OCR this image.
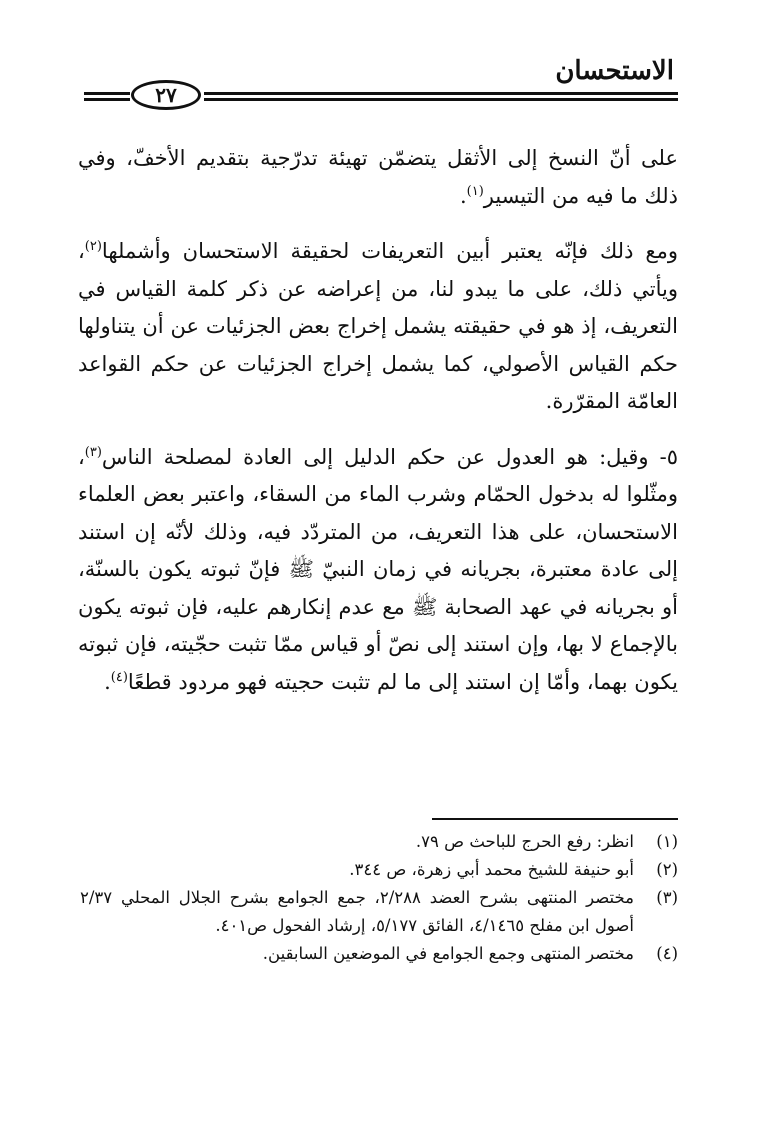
الاستحسان
٢٧

على أنّ النسخ إلى الأثقل يتضمّن تهيئة تدرّجية بتقديم الأخفّ، وفي ذلك ما فيه من التيسير$^{(١)}$.

ومع ذلك فإنّه يعتبر أبين التعريفات لحقيقة الاستحسان وأشملها$^{(٢)}$، ويأتي ذلك، على ما يبدو لنا، من إعراضه عن ذكر كلمة القياس في التعريف، إذ هو في حقيقته يشمل إخراج بعض الجزئيات عن أن يتناولها حكم القياس الأصولي، كما يشمل إخراج الجزئيات عن حكم القواعد العامّة المقرّرة.

٥- وقيل: هو العدول عن حكم الدليل إلى العادة لمصلحة الناس$^{(٣)}$، ومثّلوا له بدخول الحمّام وشرب الماء من السقاء، واعتبر بعض العلماء الاستحسان، على هذا التعريف، من المتردّد فيه، وذلك لأنّه إن استند إلى عادة معتبرة، بجريانه في زمان النبيّ ﷺ فإنّ ثبوته يكون بالسنّة، أو بجريانه في عهد الصحابة ﷺ مع عدم إنكارهم عليه، فإن ثبوته يكون بالإجماع لا بها، وإن استند إلى نصّ أو قياس ممّا تثبت حجّيته، فإن ثبوته يكون بهما، وأمّا إن استند إلى ما لم تثبت حجيته فهو مردود قطعًا$^{(٤)}$.

(١)
انظر: رفع الحرج للباحث ص ٧٩.
(٢)
أبو حنيفة للشيخ محمد أبي زهرة، ص ٣٤٤.
(٣)
مختصر المنتهى بشرح العضد ٢/٢٨٨، جمع الجوامع بشرح الجلال المحلي ٢/٣٧ أصول ابن مفلح ٤/١٤٦٥، الفائق ٥/١٧٧، إرشاد الفحول ص٤٠١.
(٤)
مختصر المنتهى وجمع الجوامع في الموضعين السابقين.
